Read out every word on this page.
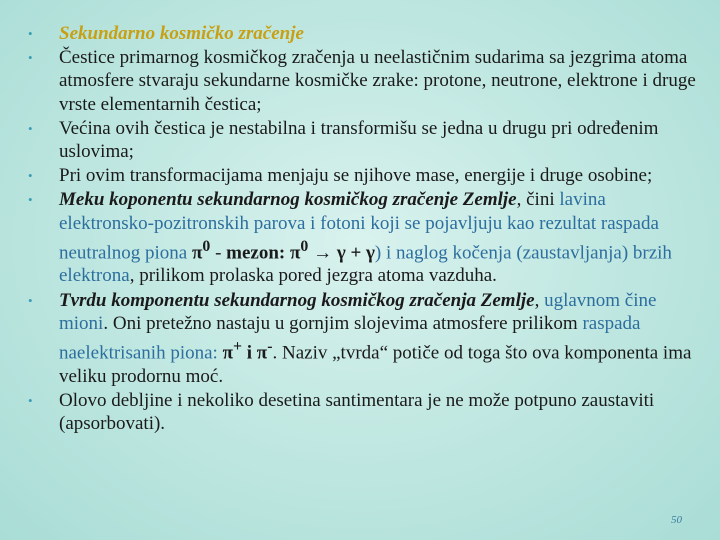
• Sekundarno kosmičko zračenje
• Čestice primarnog kosmičkog zračenja u neelastičnim sudarima sa jezgrima atoma atmosfere stvaraju sekundarne kosmičke zrake: protone, neutrone, elektrone i druge vrste elementarnih čestica;
• Većina ovih čestica je nestabilna i transformišu se jedna u drugu pri određenim uslovima;
• Pri ovim transformacijama menjaju se njihove mase, energije i druge osobine;
• Meku koponentu sekundarnog kosmičkog zračenje Zemlje, čini lavina elektronsko-pozitronskih parova i fotoni koji se pojavljuju kao rezultat raspada neutralnog piona $\pi^0$ - mezon: $\pi^0 \to \gamma + \gamma$) i naglog kočenja (zaustavljanja) brzih elektrona, prilikom prolaska pored jezgra atoma vazduha.
• Tvrdu komponentu sekundarnog kosmičkog zračenja Zemlje, uglavnom čine mioni. Oni pretežno nastaju u gornjim slojevima atmosfere prilikom raspada naelektrisanih piona: π+ i π-. Naziv „tvrda“ potiče od toga što ova komponenta ima veliku prodornu moć.
• Olovo debljine i nekoliko desetina santimentara je ne može potpuno zaustaviti (apsorbovati).
50
